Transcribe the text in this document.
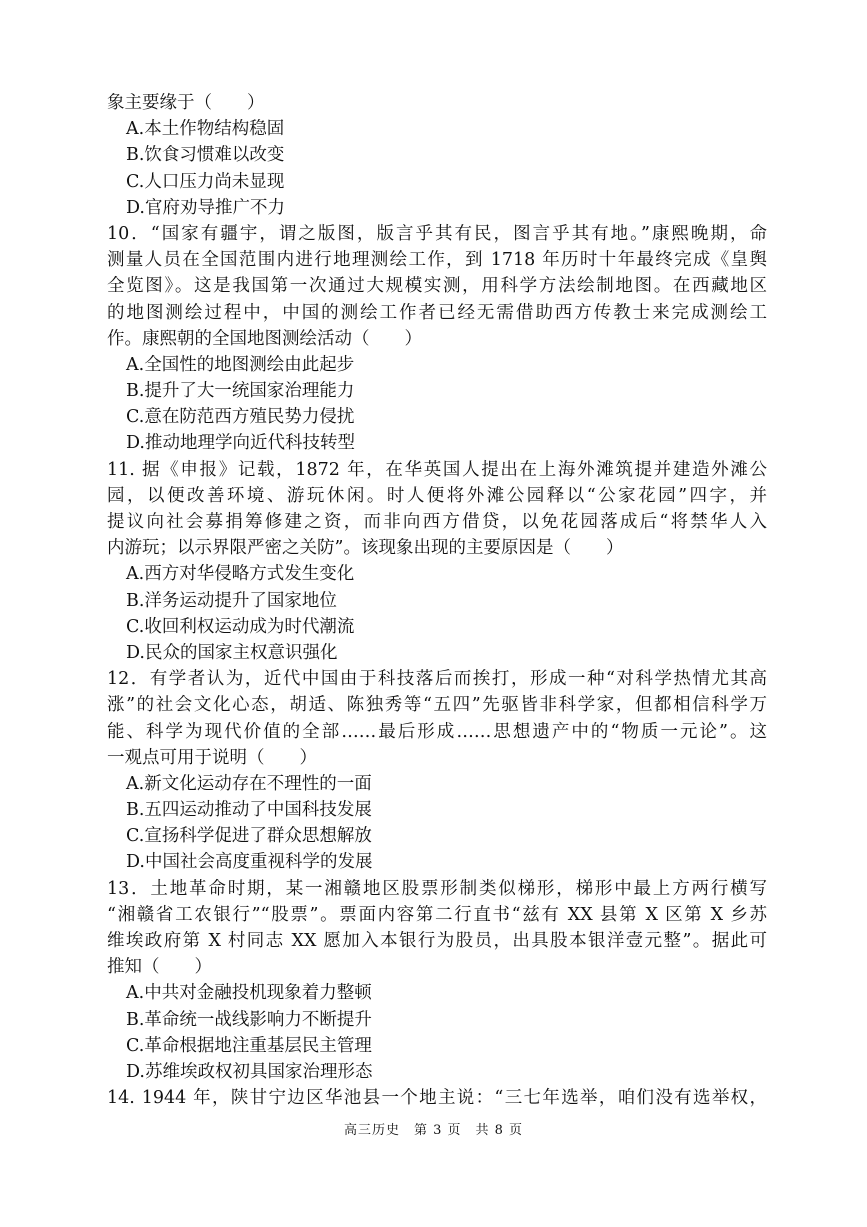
象主要缘于（　　）
A.本土作物结构稳固
B.饮食习惯难以改变
C.人口压力尚未显现
D.官府劝导推广不力
10．“国家有疆宇，谓之版图，版言乎其有民，图言乎其有地。”康熙晚期，命
测量人员在全国范围内进行地理测绘工作，到 1718 年历时十年最终完成《皇舆
全览图》。这是我国第一次通过大规模实测，用科学方法绘制地图。在西藏地区
的地图测绘过程中，中国的测绘工作者已经无需借助西方传教士来完成测绘工
作。康熙朝的全国地图测绘活动（　　）
A.全国性的地图测绘由此起步
B.提升了大一统国家治理能力
C.意在防范西方殖民势力侵扰
D.推动地理学向近代科技转型
11. 据《申报》记载，1872 年，在华英国人提出在上海外滩筑提并建造外滩公
园，以便改善环境、游玩休闲。时人便将外滩公园释以“公家花园”四字，并
提议向社会募捐筹修建之资，而非向西方借贷，以免花园落成后“将禁华人入
内游玩；以示界限严密之关防”。该现象出现的主要原因是（　　）
A.西方对华侵略方式发生变化
B.洋务运动提升了国家地位
C.收回利权运动成为时代潮流
D.民众的国家主权意识强化
12．有学者认为，近代中国由于科技落后而挨打，形成一种“对科学热情尤其高
涨”的社会文化心态，胡适、陈独秀等“五四”先驱皆非科学家，但都相信科学万
能、科学为现代价值的全部……最后形成……思想遗产中的“物质一元论”。这
一观点可用于说明（　　）
A.新文化运动存在不理性的一面
B.五四运动推动了中国科技发展
C.宣扬科学促进了群众思想解放
D.中国社会高度重视科学的发展
13．土地革命时期，某一湘赣地区股票形制类似梯形，梯形中最上方两行横写
“湘赣省工农银行”“股票”。票面内容第二行直书“兹有 XX 县第 X 区第 X 乡苏
维埃政府第 X 村同志 XX 愿加入本银行为股员，出具股本银洋壹元整”。据此可
推知（　　）
A.中共对金融投机现象着力整顿
B.革命统一战线影响力不断提升
C.革命根据地注重基层民主管理
D.苏维埃政权初具国家治理形态
14. 1944 年，陕甘宁边区华池县一个地主说：“三七年选举，咱们没有选举权，
高三历史　第 3 页　共 8 页
